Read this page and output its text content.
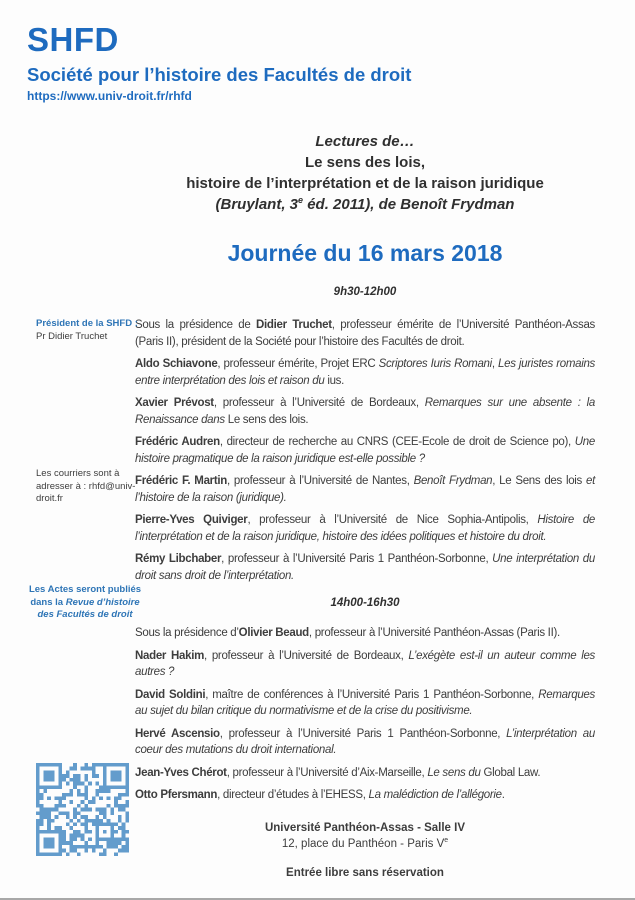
SHFD
Société pour l’histoire des Facultés de droit
https://www.univ-droit.fr/rhfd
Lectures de…
Le sens des lois,
histoire de l’interprétation et de la raison juridique
(Bruylant, 3e éd. 2011), de Benoît Frydman
Journée du 16 mars 2018
9h30-12h00

Sous la présidence de Didier Truchet, professeur émérite de l’Université Panthéon-Assas (Paris II), président de la Société pour l’histoire des Facultés de droit.

Aldo Schiavone, professeur émérite, Projet ERC Scriptores Iuris Romani, Les juristes romains entre interprétation des lois et raison du ius.

Xavier Prévost, professeur à l’Université de Bordeaux, Remarques sur une absente : la Renaissance dans Le sens des lois.

Frédéric Audren, directeur de recherche au CNRS (CEE-Ecole de droit de Science po), Une histoire pragmatique de la raison juridique est-elle possible ?

Frédéric F. Martin, professeur à l’Université de Nantes, Benoît Frydman, Le Sens des lois et l’histoire de la raison (juridique).

Pierre-Yves Quiviger, professeur à l’Université de Nice Sophia-Antipolis, Histoire de l’interprétation et de la raison juridique, histoire des idées politiques et histoire du droit.

Rémy Libchaber, professeur à l’Université Paris 1 Panthéon-Sorbonne, Une interprétation du droit sans droit de l’interprétation.

14h00-16h30

Sous la présidence d’Olivier Beaud, professeur à l’Université Panthéon-Assas (Paris II).

Nader Hakim, professeur à l’Université de Bordeaux, L’exégète est-il un auteur comme les autres ?

David Soldini, maître de conférences à l’Université Paris 1 Panthéon-Sorbonne, Remarques au sujet du bilan critique du normativisme et de la crise du positivisme.

Hervé Ascensio, professeur à l’Université Paris 1 Panthéon-Sorbonne, L’interprétation au coeur des mutations du droit international.

Jean-Yves Chérot, professeur à l’Université d’Aix-Marseille, Le sens du Global Law.

Otto Pfersmann, directeur d’études à l’EHESS, La malédiction de l’allégorie.

Université Panthéon-Assas - Salle IV
12, place du Panthéon - Paris Ve
Entrée libre sans réservation
Président de la SHFD :
Pr Didier Truchet
Les courriers sont à adresser à : rhfd@univ-droit.fr
Les Actes seront publiés dans la Revue d’histoire des Facultés de droit
